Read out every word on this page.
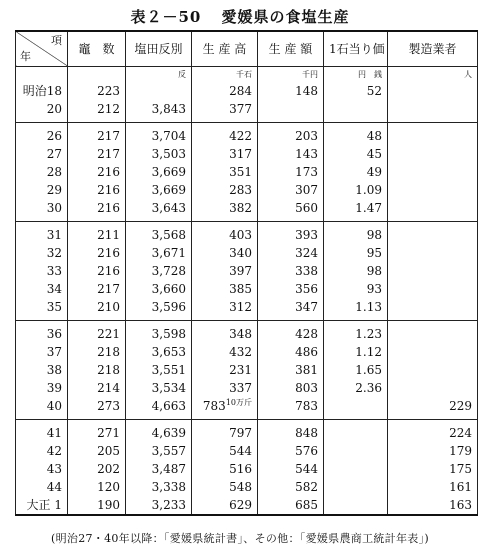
表２－50 愛媛県の食塩生産
項
年	竈　数	塩田反別	生 産 高	生 産 額	1石当り価	製造業者
		反	千石	千円	円　銭	人
明治18	223		284	148	52	
20	212	3,843	377			
26	217	3,704	422	203	48	
27	217	3,503	317	143	45	
28	216	3,669	351	173	49	
29	216	3,669	283	307	1.09	
30	216	3,643	382	560	1.47	
31	211	3,568	403	393	98	
32	216	3,671	340	324	95	
33	216	3,728	397	338	98	
34	217	3,660	385	356	93	
35	210	3,596	312	347	1.13	
36	221	3,598	348	428	1.23	
37	218	3,653	432	486	1.12	
38	218	3,551	231	381	1.65	
39	214	3,534	337	803	2.36	
40	273	4,663	$783^{10万斤}$	783		229
41	271	4,639	797	848		224
42	205	3,557	544	576		179
43	202	3,487	516	544		175
44	120	3,338	548	582		161
大正 1	190	3,233	629	685		163
(明治27・40年以降：「愛媛県統計書」、その他：「愛媛県農商工統計年表」)
